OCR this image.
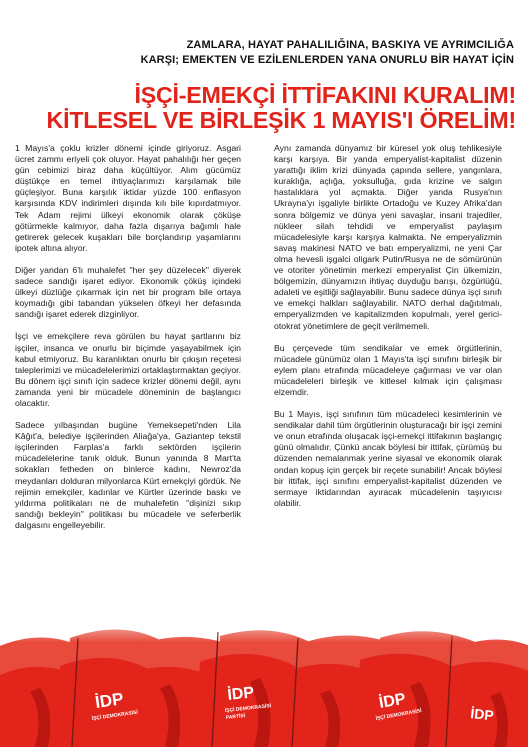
ZAMLARA, HAYAT PAHALILIĞINA, BASKIYA VE AYRIMCILIĞA
KARŞI; EMEKTEN VE EZİLENLERDEN YANA ONURLU BİR HAYAT İÇİN
İŞÇİ-EMEKÇİ İTTİFAKINI KURALIM!
KİTLESEL VE BİRLEŞİK 1 MAYIS'I ÖRELİM!

1 Mayıs'a çoklu krizler dönemi içinde giriyoruz. Asgari ücret zammı eriyeli çok oluyor. Hayat pahalılığı her geçen gün cebimizi biraz daha küçültüyor. Alım gücümüz düştükçe en temel ihtiyaçlarımızı karşılamak bile güçleşiyor. Buna karşılık iktidar yüzde 100 enflasyon karşısında KDV indirimleri dışında kılı bile kıpırdatmıyor. Tek Adam rejimi ülkeyi ekonomik olarak çöküşe götürmekle kalmıyor, daha fazla dışarıya bağımlı hale getirerek gelecek kuşakları bile borçlandırıp yaşamlarını ipotek altına alıyor.

Diğer yandan 6'lı muhalefet "her şey düzelecek" diyerek sadece sandığı işaret ediyor. Ekonomik çöküş içindeki ülkeyi düzlüğe çıkarmak için net bir program bile ortaya koymadığı gibi tabandan yükselen öfkeyi her defasında sandığı işaret ederek dizginliyor.

İşçi ve emekçilere reva görülen bu hayat şartlarını biz işçiler, insanca ve onurlu bir biçimde yaşayabilmek için kabul etmiyoruz. Bu karanlıktan onurlu bir çıkışın reçetesi taleplerimizi ve mücadelelerimizi ortaklaştırmaktan geçiyor. Bu dönem işçi sınıfı için sadece krizler dönemi değil, aynı zamanda yeni bir mücadele döneminin de başlangıcı olacaktır.

Sadece yılbaşından bugüne Yemeksepeti'nden Lila Kâğıt'a, belediye işçilerinden Aliağa'ya, Gaziantep tekstil işçilerinden Farplas'a farklı sektörden işçilerin mücadelelerine tanık olduk. Bunun yanında 8 Mart'ta sokakları fetheden on binlerce kadını, Newroz'da meydanları dolduran milyonlarca Kürt emekçiyi gördük. Ne rejimin emekçiler, kadınlar ve Kürtler üzerinde baskı ve yıldırma politikaları ne de muhalefetin "dişinizi sıkıp sandığı bekleyin" politikası bu mücadele ve seferberlik dalgasını engelleyebilir.

Aynı zamanda dünyamız bir küresel yok oluş tehlikesiyle karşı karşıya. Bir yanda emperyalist-kapitalist düzenin yarattığı iklim krizi dünyada çapında sellere, yangınlara, kuraklığa, açlığa, yoksulluğa, gıda krizine ve salgın hastalıklara yol açmakta. Diğer yanda Rusya'nın Ukrayna'yı işgaliyle birlikte Ortadoğu ve Kuzey Afrika'dan sonra bölgemiz ve dünya yeni savaşlar, insani trajediler, nükleer silah tehdidi ve emperyalist paylaşım mücadelesiyle karşı karşıya kalmakta. Ne emperyalizmin savaş makinesi NATO ve batı emperyalizmi, ne yeni Çar olma hevesli işgalci oligark Putin/Rusya ne de sömürünün ve otoriter yönetimin merkezi emperyalist Çin ülkemizin, bölgemizin, dünyamızın ihtiyaç duyduğu barışı, özgürlüğü, adaleti ve eşitliği sağlayabilir. Bunu sadece dünya işçi sınıfı ve emekçi halkları sağlayabilir. NATO derhal dağıtılmalı, emperyalizmden ve kapitalizmden kopulmalı, yerel gerici-otokrat yönetimlere de geçit verilmemeli.

Bu çerçevede tüm sendikalar ve emek örgütlerinin, mücadele günümüz olan 1 Mayıs'ta işçi sınıfını birleşik bir eylem planı etrafında mücadeleye çağırması ve var olan mücadeleleri birleşik ve kitlesel kılmak için çalışması elzemdir.

Bu 1 Mayıs, işçi sınıfının tüm mücadeleci kesimlerinin ve sendikalar dahil tüm örgütlerinin oluşturacağı bir işçi zemini ve onun etrafında oluşacak işçi-emekçi ittifakının başlangıç günü olmalıdır. Çünkü ancak böylesi bir ittifak, çürümüş bu düzenden nemalanmak yerine siyasal ve ekonomik olarak ondan kopuş için gerçek bir reçete sunabilir! Ancak böylesi bir ittifak, işçi sınıfını emperyalist-kapitalist düzenden ve sermaye iktidarından ayıracak mücadelenin taşıyıcısı olabilir.
